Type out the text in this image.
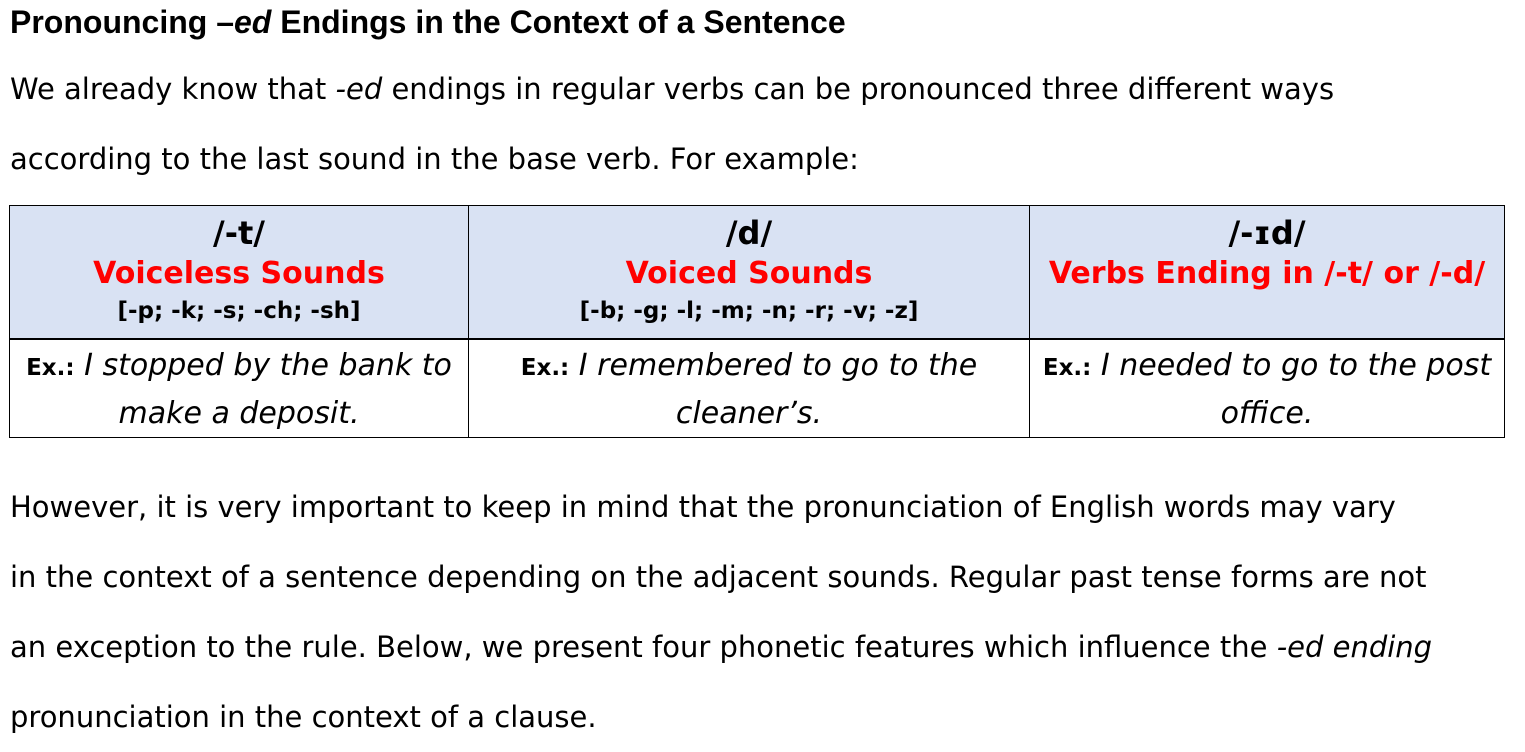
Pronouncing –ed Endings in the Context of a Sentence
We already know that -ed endings in regular verbs can be pronounced three different ways
according to the last sound in the base verb. For example:
/-t/
Voiceless Sounds
[-p; -k; -s; -ch; -sh]	/d/
Voiced Sounds
[-b; -g; -l; -m; -n; -r; -v; -z]	/-ɪd/
Verbs Ending in /-t/ or /-d/

Ex.: I stopped by the bank to make a deposit.	Ex.: I remembered to go to the cleaner’s.	Ex.: I needed to go to the post office.
However, it is very important to keep in mind that the pronunciation of English words may vary
in the context of a sentence depending on the adjacent sounds. Regular past tense forms are not
an exception to the rule. Below, we present four phonetic features which influence the -ed ending
pronunciation in the context of a clause.
